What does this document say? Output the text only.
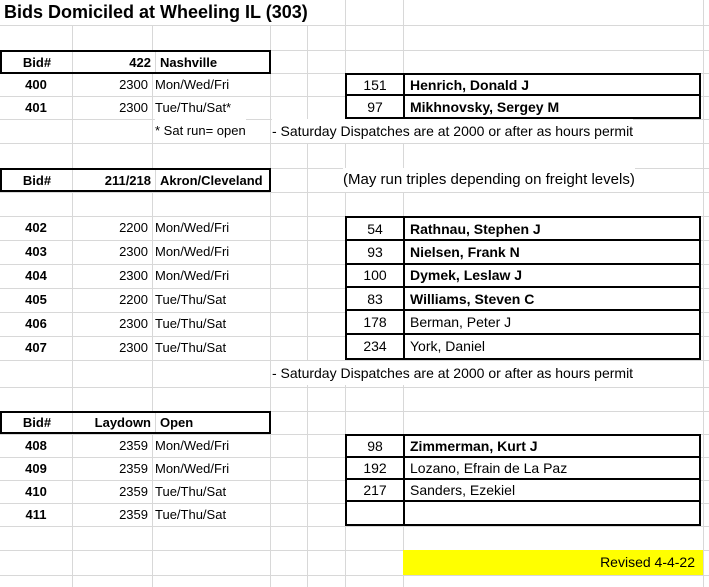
Bids Domiciled at Wheeling IL (303)
Bid#	422 Nashville
400	2300 Mon/Wed/Fri
401	2300 Tue/Thu/Sat*
151	Henrich, Donald J
97	Mikhnovsky, Sergey M
* Sat run= open - Saturday Dispatches are at 2000 or after as hours permit
Bid#	211/218 Akron/Cleveland	(May run triples depending on freight levels)
402	2200 Mon/Wed/Fri
403	2300 Mon/Wed/Fri
404	2300 Mon/Wed/Fri
405	2200 Tue/Thu/Sat
406	2300 Tue/Thu/Sat
407	2300 Tue/Thu/Sat
54	Rathnau, Stephen J
93	Nielsen, Frank N
100	Dymek, Leslaw J
83	Williams, Steven C
178	Berman, Peter J
234	York, Daniel
- Saturday Dispatches are at 2000 or after as hours permit
Bid#	Laydown Open
408	2359 Mon/Wed/Fri
409	2359 Mon/Wed/Fri
410	2359 Tue/Thu/Sat
411	2359 Tue/Thu/Sat
98	Zimmerman, Kurt J
192	Lozano, Efrain de La Paz
217	Sanders, Ezekiel
Revised 4-4-22
